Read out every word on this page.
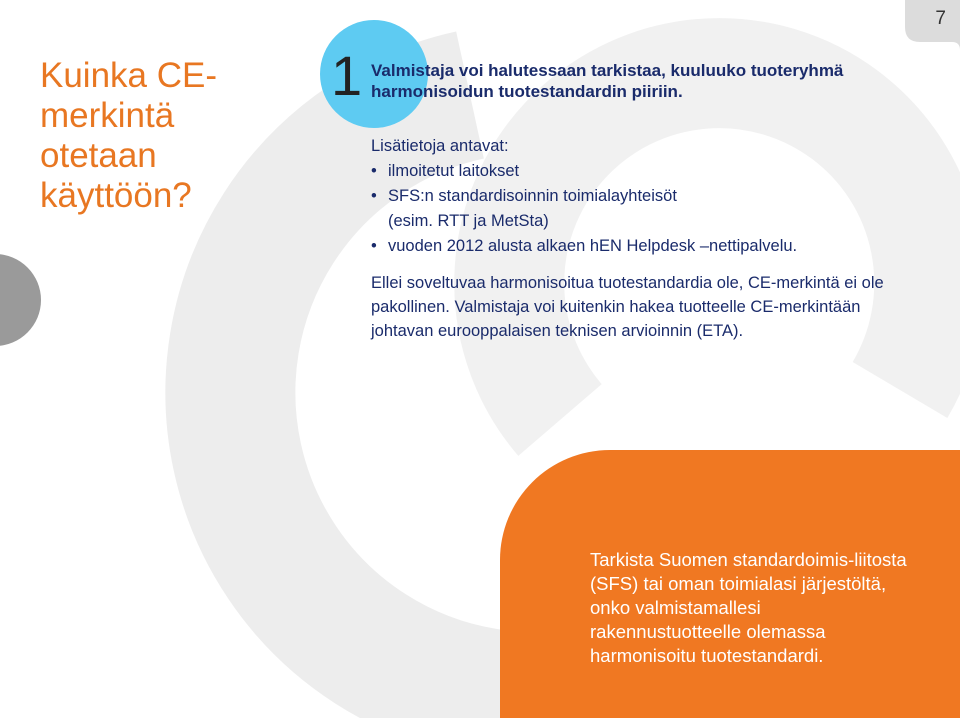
Kuinka CE-merkintä otetaan käyttöön?
7
1 Valmistaja voi halutessaan tarkistaa, kuuluuko tuoteryhmä harmonisoidun tuotestandardin piiriin.
Lisätietoja antavat:
• ilmoitetut laitokset
• SFS:n standardisoinnin toimialayhteisöt (esim. RTT ja MetSta)
• vuoden 2012 alusta alkaen hEN Helpdesk –nettipalvelu.
Ellei soveltuvaa harmonisoitua tuotestandardia ole, CE-merkintä ei ole pakollinen. Valmistaja voi kuitenkin hakea tuotteelle CE-merkintään johtavan eurooppalaisen teknisen arvioinnin (ETA).
Tarkista Suomen standardoimis-liitosta (SFS) tai oman toimialasi järjestöltä, onko valmistamallesi rakennustuotteelle olemassa harmonisoitu tuotestandardi.
